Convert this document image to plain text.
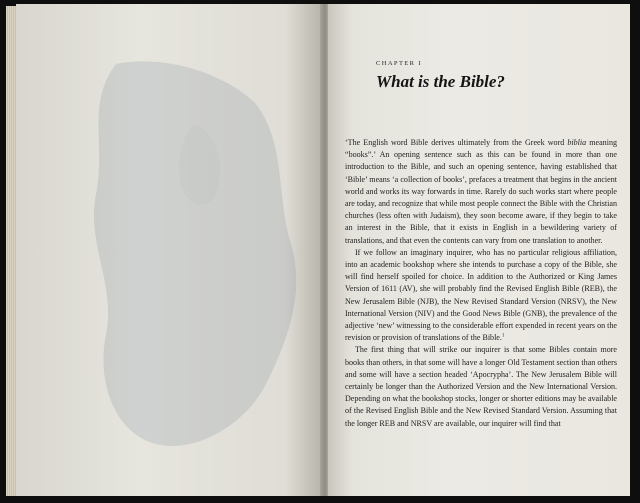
CHAPTER I
What is the Bible?

‘The English word Bible derives ultimately from the Greek word biblia meaning “books”.’ An opening sentence such as this can be found in more than one introduction to the Bible, and such an opening sentence, having established that ‘Bible’ means ‘a collection of books’, prefaces a treatment that begins in the ancient world and works its way forwards in time. Rarely do such works start where people are today, and recognize that while most people connect the Bible with the Christian churches (less often with Judaism), they soon become aware, if they begin to take an interest in the Bible, that it exists in English in a bewildering variety of translations, and that even the contents can vary from one translation to another.

If we follow an imaginary inquirer, who has no particular religious affiliation, into an academic bookshop where she intends to purchase a copy of the Bible, she will find herself spoiled for choice. In addition to the Authorized or King James Version of 1611 (AV), she will probably find the Revised English Bible (REB), the New Jerusalem Bible (NJB), the New Revised Standard Version (NRSV), the New International Version (NIV) and the Good News Bible (GNB), the prevalence of the adjective ‘new’ witnessing to the considerable effort expended in recent years on the revision or provision of translations of the Bible.$^1$

The first thing that will strike our inquirer is that some Bibles contain more books than others, in that some will have a longer Old Testament section than others and some will have a section headed ‘Apocrypha’. The New Jerusalem Bible will certainly be longer than the Authorized Version and the New International Version. Depending on what the bookshop stocks, longer or shorter editions may be available of the Revised English Bible and the New Revised Standard Version. Assuming that the longer REB and NRSV are available, our inquirer will find that
